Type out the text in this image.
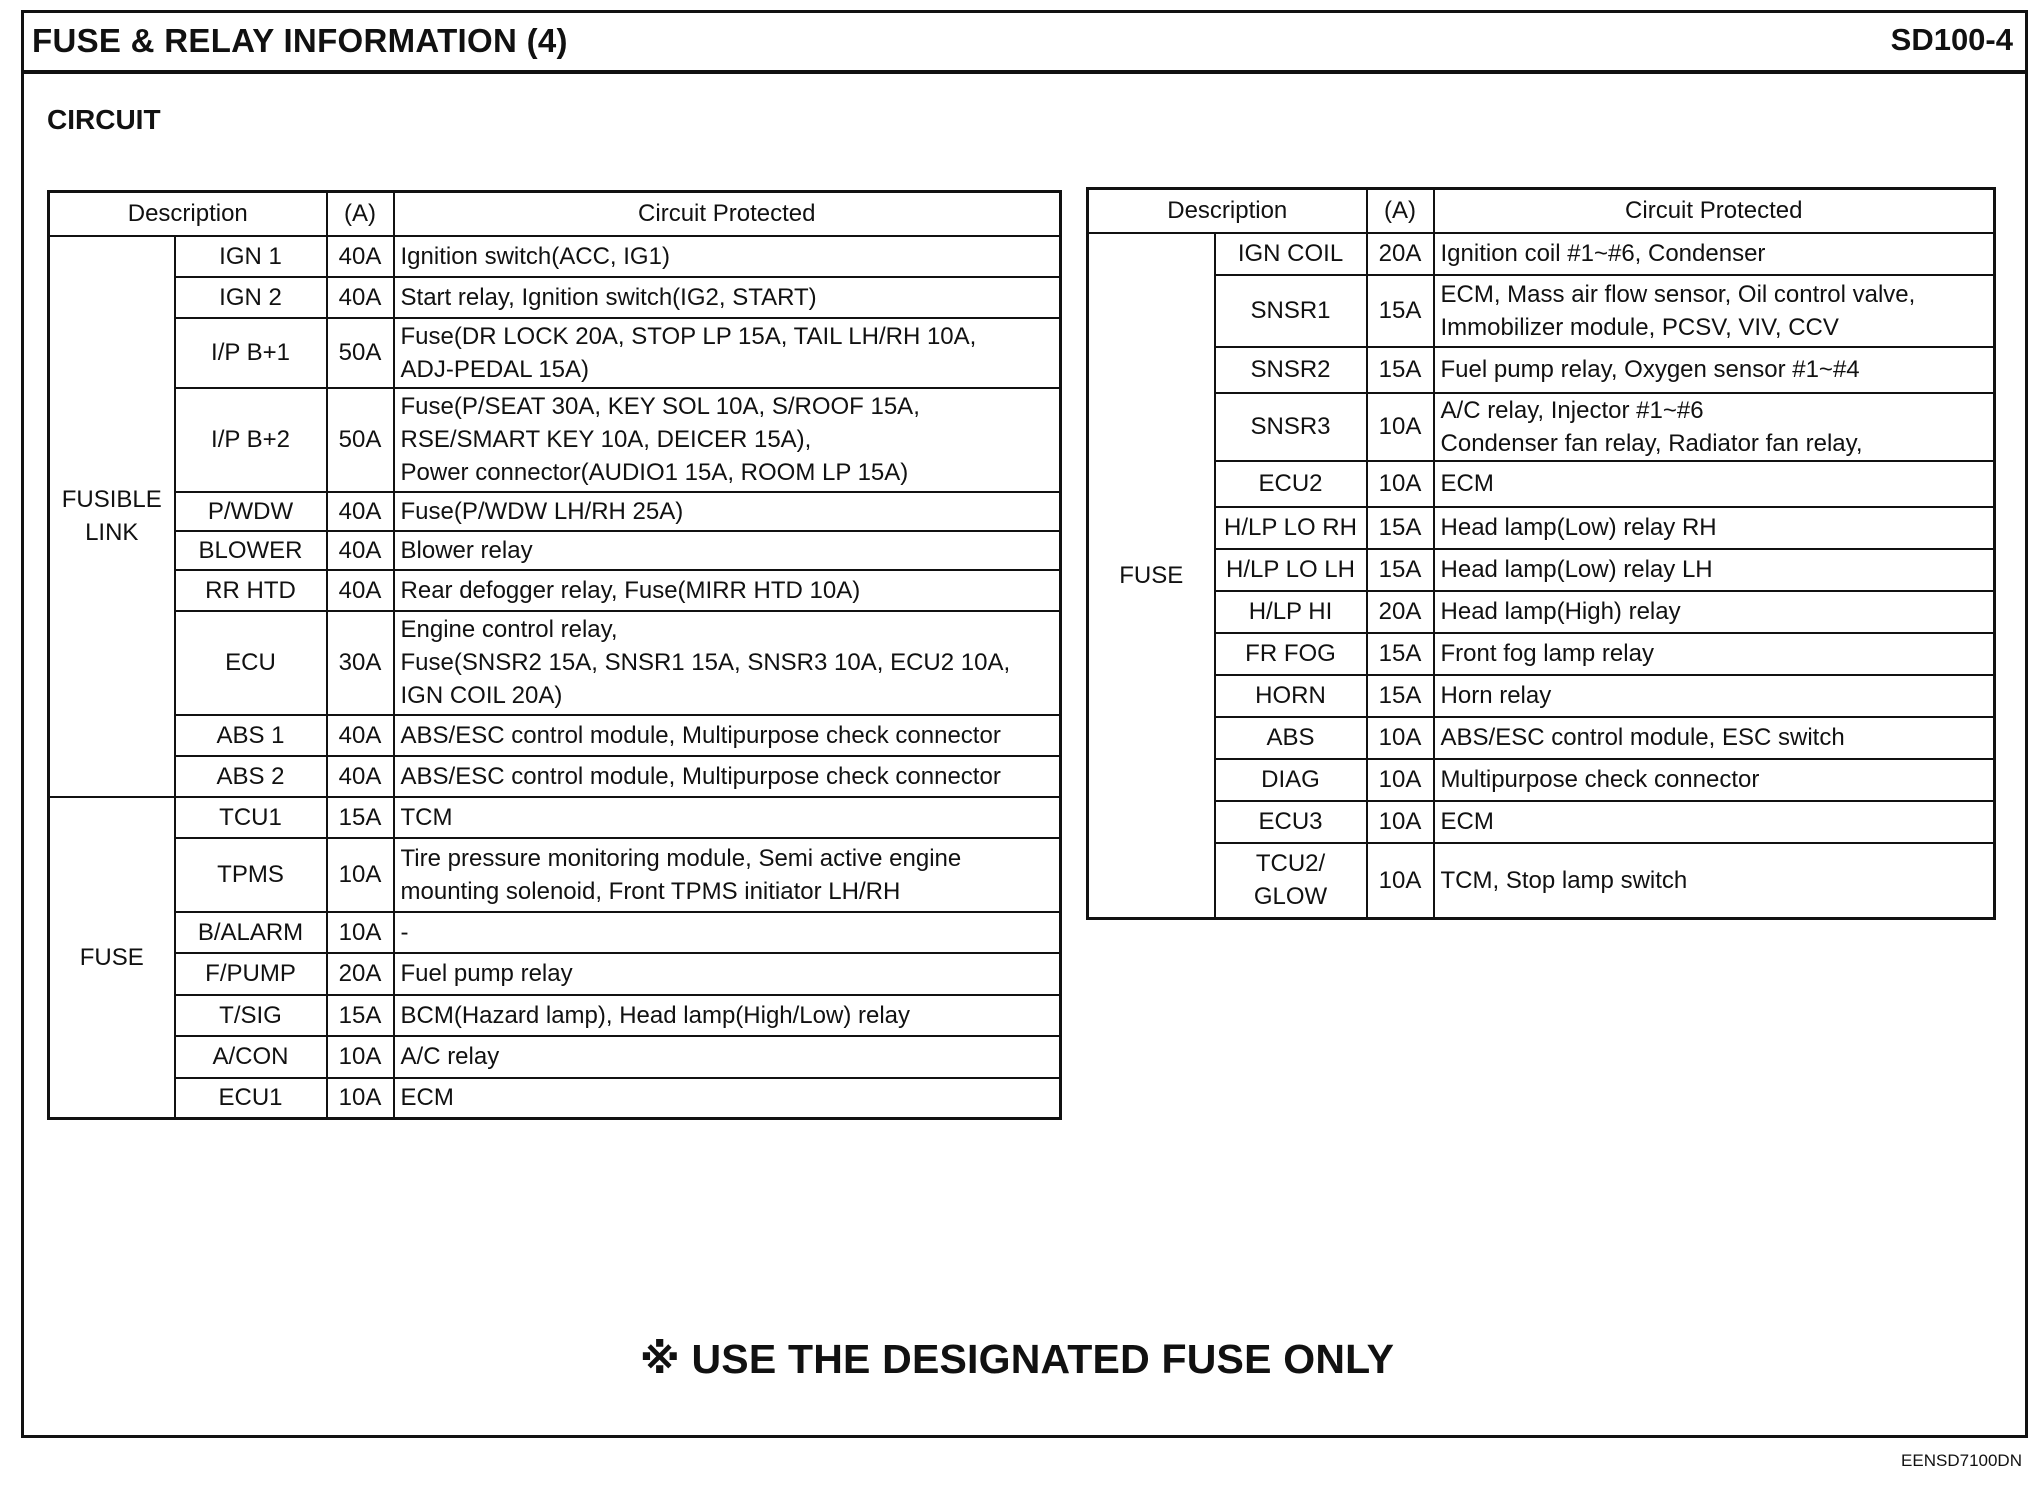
FUSE & RELAY INFORMATION (4)	SD100-4
CIRCUIT
Description		(A)	Circuit Protected

FUSIBLE
LINK	IGN 1	40A	Ignition switch(ACC, IG1)

	IGN 2	40A	Start relay, Ignition switch(IG2, START)

	I/P B+1	50A	Fuse(DR LOCK 20A, STOP LP 15A, TAIL LH/RH 10A,
ADJ-PEDAL 15A)

	I/P B+2	50A	Fuse(P/SEAT 30A, KEY SOL 10A, S/ROOF 15A,
RSE/SMART KEY 10A, DEICER 15A),
Power connector(AUDIO1 15A, ROOM LP 15A)

	P/WDW	40A	Fuse(P/WDW LH/RH 25A)

	BLOWER	40A	Blower relay

	RR HTD	40A	Rear defogger relay, Fuse(MIRR HTD 10A)

	ECU	30A	Engine control relay,
Fuse(SNSR2 15A, SNSR1 15A, SNSR3 10A, ECU2 10A,
IGN COIL 20A)

	ABS 1	40A	ABS/ESC control module, Multipurpose check connector

	ABS 2	40A	ABS/ESC control module, Multipurpose check connector

FUSE	TCU1	15A	TCM

	TPMS	10A	Tire pressure monitoring module, Semi active engine
mounting solenoid, Front TPMS initiator LH/RH

	B/ALARM	10A	-

	F/PUMP	20A	Fuel pump relay

	T/SIG	15A	BCM(Hazard lamp), Head lamp(High/Low) relay

	A/CON	10A	A/C relay

	ECU1	10A	ECM
Description		(A)	Circuit Protected
FUSE	IGN COIL	20A	Ignition coil #1~#6, Condenser

	SNSR1	15A	ECM, Mass air flow sensor, Oil control valve,
Immobilizer module, PCSV, VIV, CCV

	SNSR2	15A	Fuel pump relay, Oxygen sensor #1~#4

	SNSR3	10A	A/C relay, Injector #1~#6
Condenser fan relay, Radiator fan relay,

	ECU2	10A	ECM

	H/LP LO RH	15A	Head lamp(Low) relay RH

	H/LP LO LH	15A	Head lamp(Low) relay LH

	H/LP HI	20A	Head lamp(High) relay

	FR FOG	15A	Front fog lamp relay

	HORN	15A	Horn relay

	ABS	10A	ABS/ESC control module, ESC switch

	DIAG	10A	Multipurpose check connector

	ECU3	10A	ECM

	TCU2/
GLOW	10A	TCM, Stop lamp switch
※ USE THE DESIGNATED FUSE ONLY
EENSD7100DN
